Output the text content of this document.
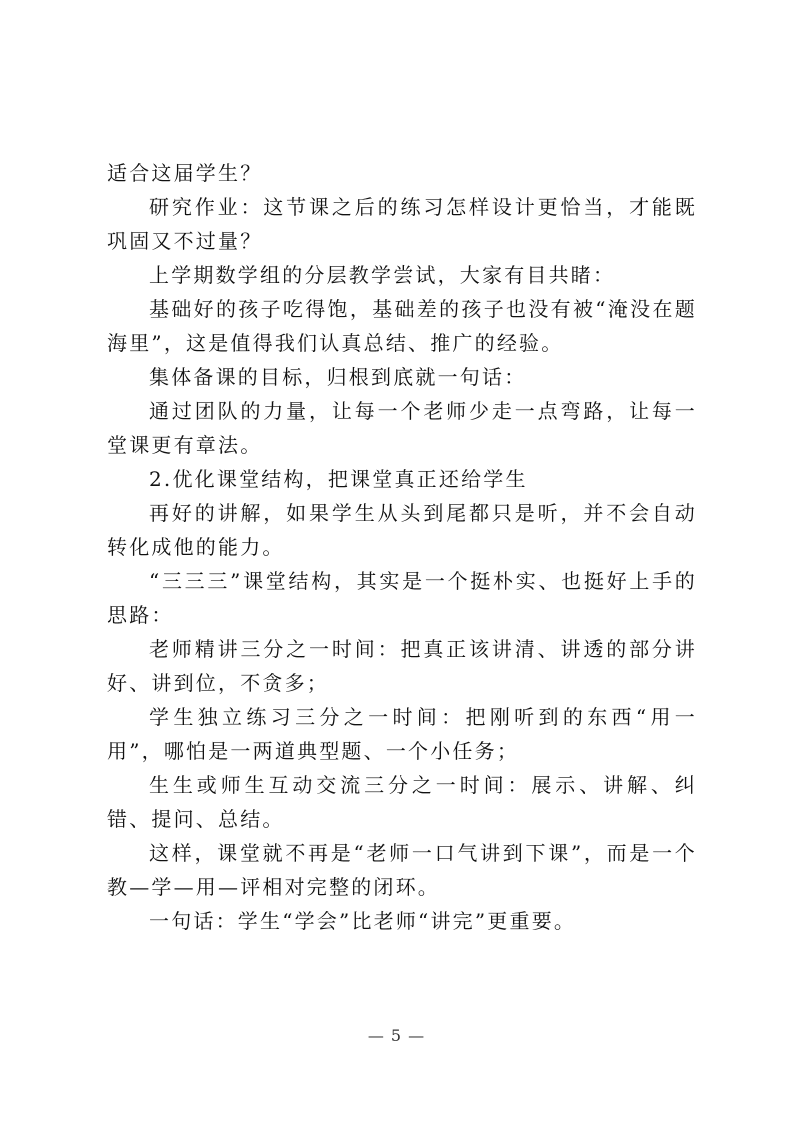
适合这届学生？

研究作业：这节课之后的练习怎样设计更恰当，才能既巩固又不过量？

上学期数学组的分层教学尝试，大家有目共睹：

基础好的孩子吃得饱，基础差的孩子也没有被“淹没在题海里”，这是值得我们认真总结、推广的经验。

集体备课的目标，归根到底就一句话：

通过团队的力量，让每一个老师少走一点弯路，让每一堂课更有章法。

2.优化课堂结构，把课堂真正还给学生

再好的讲解，如果学生从头到尾都只是听，并不会自动转化成他的能力。

“三三三”课堂结构，其实是一个挺朴实、也挺好上手的思路：

老师精讲三分之一时间：把真正该讲清、讲透的部分讲好、讲到位，不贪多；

学生独立练习三分之一时间：把刚听到的东西“用一用”，哪怕是一两道典型题、一个小任务；

生生或师生互动交流三分之一时间：展示、讲解、纠错、提问、总结。

这样，课堂就不再是“老师一口气讲到下课”，而是一个教—学—用—评相对完整的闭环。

一句话：学生“学会”比老师“讲完”更重要。

— 5 —
